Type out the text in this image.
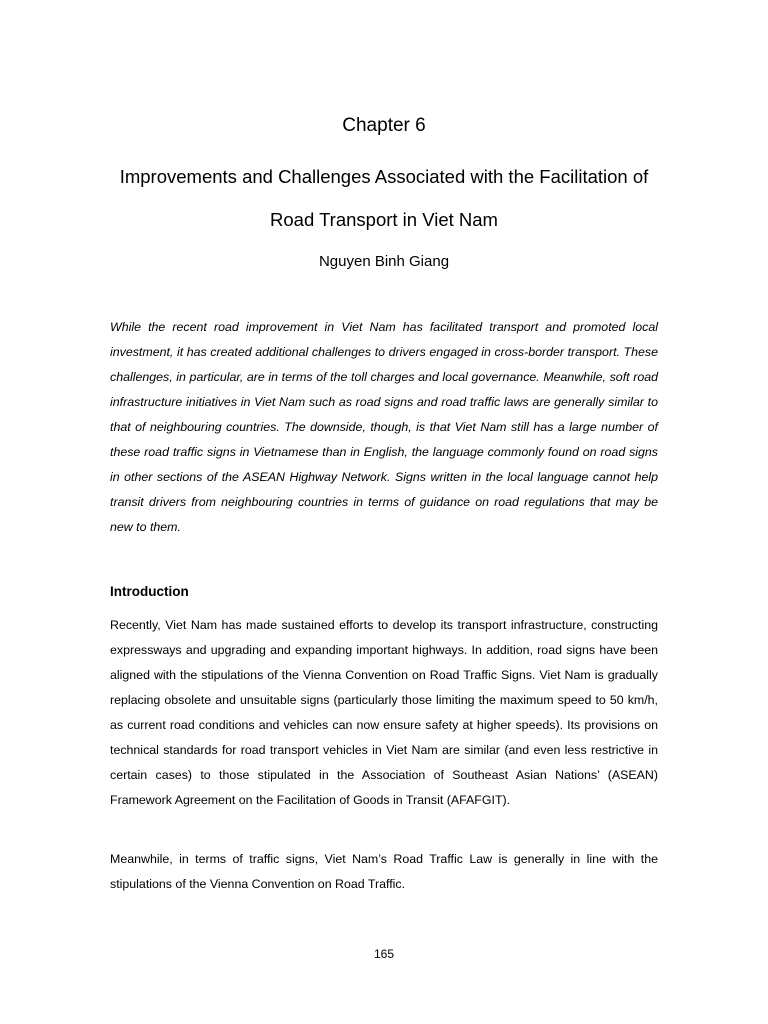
Chapter 6
Improvements and Challenges Associated with the Facilitation of
Road Transport in Viet Nam
Nguyen Binh Giang

While the recent road improvement in Viet Nam has facilitated transport and promoted local investment, it has created additional challenges to drivers engaged in cross-border transport. These challenges, in particular, are in terms of the toll charges and local governance. Meanwhile, soft road infrastructure initiatives in Viet Nam such as road signs and road traffic laws are generally similar to that of neighbouring countries. The downside, though, is that Viet Nam still has a large number of these road traffic signs in Vietnamese than in English, the language commonly found on road signs in other sections of the ASEAN Highway Network. Signs written in the local language cannot help transit drivers from neighbouring countries in terms of guidance on road regulations that may be new to them.

Introduction

Recently, Viet Nam has made sustained efforts to develop its transport infrastructure, constructing expressways and upgrading and expanding important highways. In addition, road signs have been aligned with the stipulations of the Vienna Convention on Road Traffic Signs. Viet Nam is gradually replacing obsolete and unsuitable signs (particularly those limiting the maximum speed to 50 km/h, as current road conditions and vehicles can now ensure safety at higher speeds). Its provisions on technical standards for road transport vehicles in Viet Nam are similar (and even less restrictive in certain cases) to those stipulated in the Association of Southeast Asian Nations’ (ASEAN) Framework Agreement on the Facilitation of Goods in Transit (AFAFGIT).

Meanwhile, in terms of traffic signs, Viet Nam’s Road Traffic Law is generally in line with the stipulations of the Vienna Convention on Road Traffic.

165
